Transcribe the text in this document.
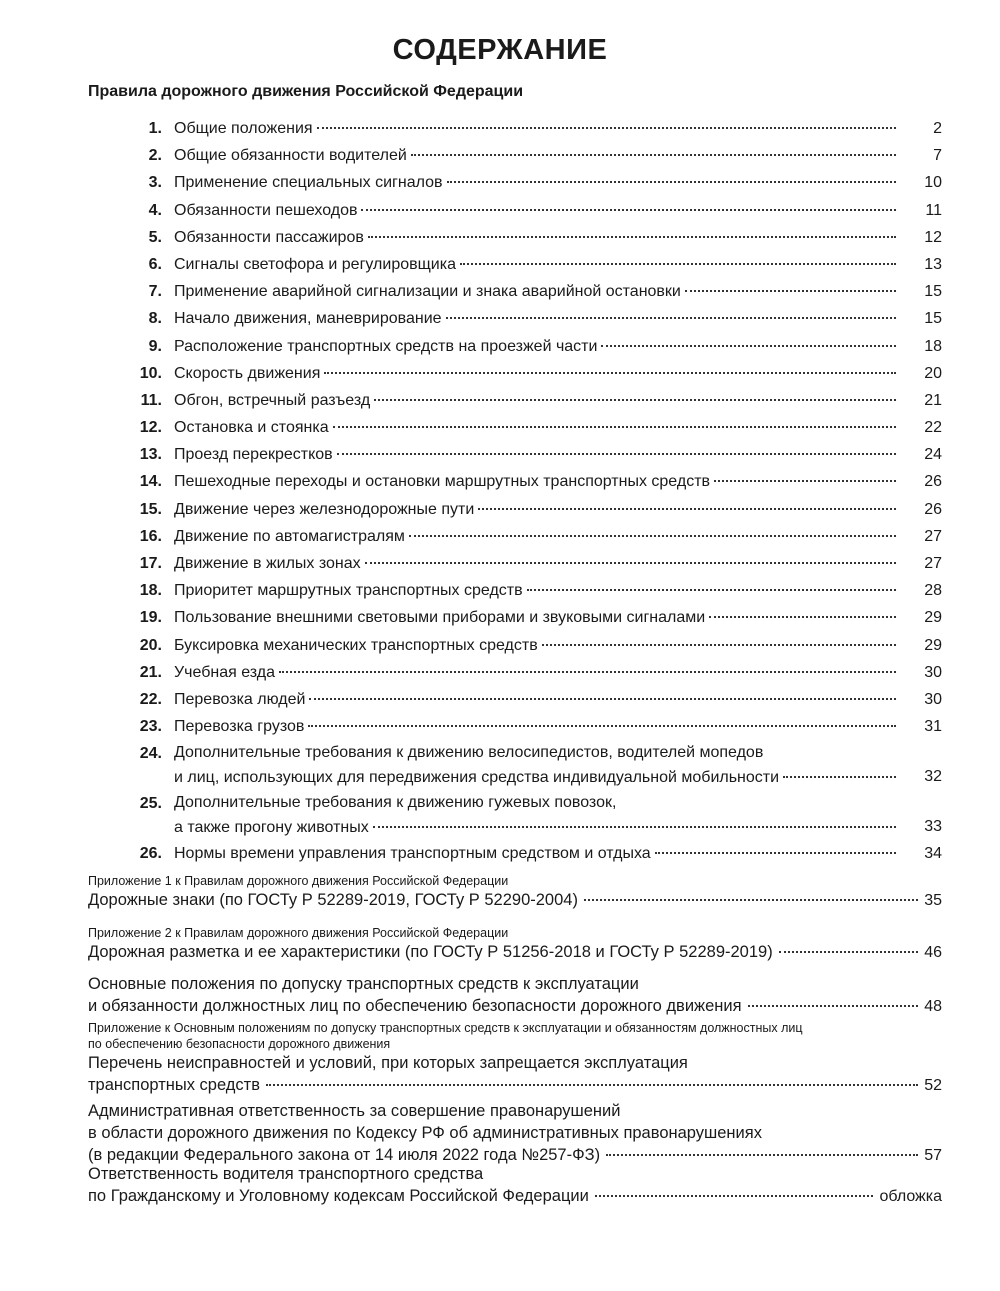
СОДЕРЖАНИЕ
Правила дорожного движения Российской Федерации
1. Общие положения	2
2. Общие обязанности водителей	7
3. Применение специальных сигналов	10
4. Обязанности пешеходов	11
5. Обязанности пассажиров	12
6. Сигналы светофора и регулировщика	13
7. Применение аварийной сигнализации и знака аварийной остановки	15
8. Начало движения, маневрирование	15
9. Расположение транспортных средств на проезжей части	18
10. Скорость движения	20
11. Обгон, встречный разъезд	21
12. Остановка и стоянка	22
13. Проезд перекрестков	24
14. Пешеходные переходы и остановки маршрутных транспортных средств	26
15. Движение через железнодорожные пути	26
16. Движение по автомагистралям	27
17. Движение в жилых зонах	27
18. Приоритет маршрутных транспортных средств	28
19. Пользование внешними световыми приборами и звуковыми сигналами	29
20. Буксировка механических транспортных средств	29
21. Учебная езда	30
22. Перевозка людей	30
23. Перевозка грузов	31
24. Дополнительные требования к движению велосипедистов, водителей мопедов
и лиц, использующих для передвижения средства индивидуальной мобильности	32
25. Дополнительные требования к движению гужевых повозок,
а также прогону животных	33
26. Нормы времени управления транспортным средством и отдыха	34
Приложение 1 к Правилам дорожного движения Российской Федерации
Дорожные знаки (по ГОСТу Р 52289-2019, ГОСТу Р 52290-2004)	35
Приложение 2 к Правилам дорожного движения Российской Федерации
Дорожная разметка и ее характеристики (по ГОСТу Р 51256-2018 и ГОСТу Р 52289-2019)	46
Основные положения по допуску транспортных средств к эксплуатации
и обязанности должностных лиц по обеспечению безопасности дорожного движения	48
Приложение к Основным положениям по допуску транспортных средств к эксплуатации и обязанностям должностных лиц
по обеспечению безопасности дорожного движения
Перечень неисправностей и условий, при которых запрещается эксплуатация
транспортных средств	52
Административная ответственность за совершение правонарушений
в области дорожного движения по Кодексу РФ об административных правонарушениях
(в редакции Федерального закона от 14 июля 2022 года №257-ФЗ)	57
Ответственность водителя транспортного средства
по Гражданскому и Уголовному кодексам Российской Федерации	обложка
